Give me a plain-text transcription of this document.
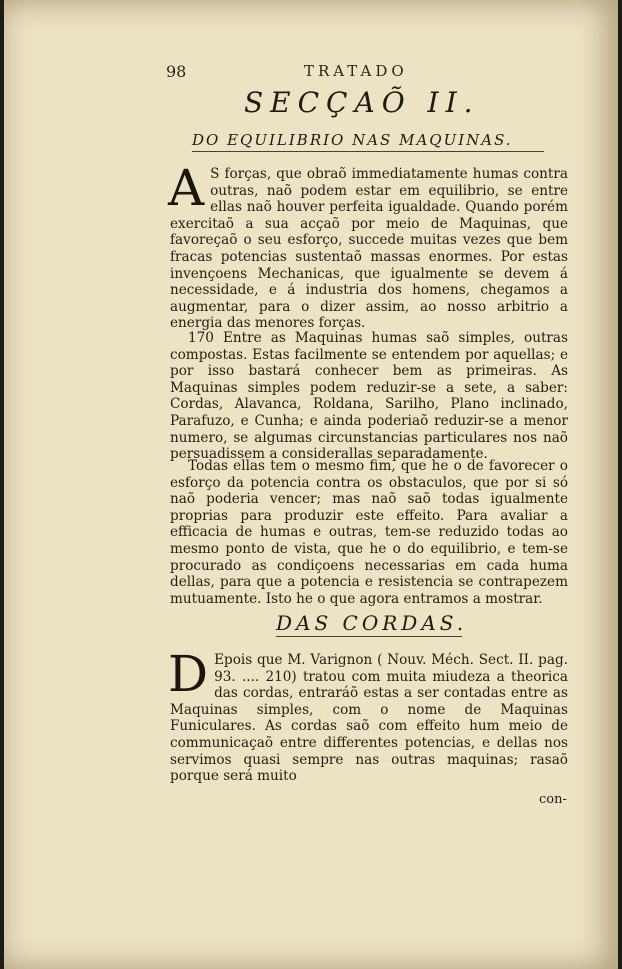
98	TRATADO
SECÇAÕ II.
DO EQUILIBRIO NAS MAQUINAS.

A S forças, que obraõ immediatamente humas contra outras, naõ podem estar em equilibrio, se entre ellas naõ houver perfeita igualdade. Quando porém exercitaõ a sua acçaõ por meio de Maquinas, que favoreçaõ o seu esforço, succede muitas vezes que bem fracas potencias sustentaõ massas enormes. Por estas invençoens Mechanicas, que igualmente se devem á necessidade, e á industria dos homens, chegamos a augmentar, para o dizer assim, ao nosso arbitrio a energia das menores forças.

170 Entre as Maquinas humas saõ simples, outras compostas. Estas facilmente se entendem por aquellas; e por isso bastará conhecer bem as primeiras. As Maquinas simples podem reduzir-se a sete, a saber: Cordas, Alavanca, Roldana, Sarilho, Plano inclinado, Parafuzo, e Cunha; e ainda poderiaõ reduzir-se a menor numero, se algumas circunstancias particulares nos naõ persuadissem a considerallas separadamente.

Todas ellas tem o mesmo fim, que he o de favorecer o esforço da potencia contra os obstaculos, que por si só naõ poderia vencer; mas naõ saõ todas igualmente proprias para produzir este effeito. Para avaliar a efficacia de humas e outras, tem-se reduzido todas ao mesmo ponto de vista, que he o do equilibrio, e tem-se procurado as condiçoens necessarias em cada huma dellas, para que a potencia e resistencia se contrapezem mutuamente. Isto he o que agora entramos a mostrar.

DAS CORDAS.

D Epois que M. Varignon ( Nouv. Méch. Sect. II. pag. 93. .... 210) tratou com muita miudeza a theorica das cordas, entraráõ estas a ser contadas entre as Maquinas simples, com o nome de Maquinas Funiculares. As cordas saõ com effeito hum meio de communicaçaõ entre differentes potencias, e dellas nos servimos quasi sempre nas outras maquinas; rasaõ porque será muito

con-
